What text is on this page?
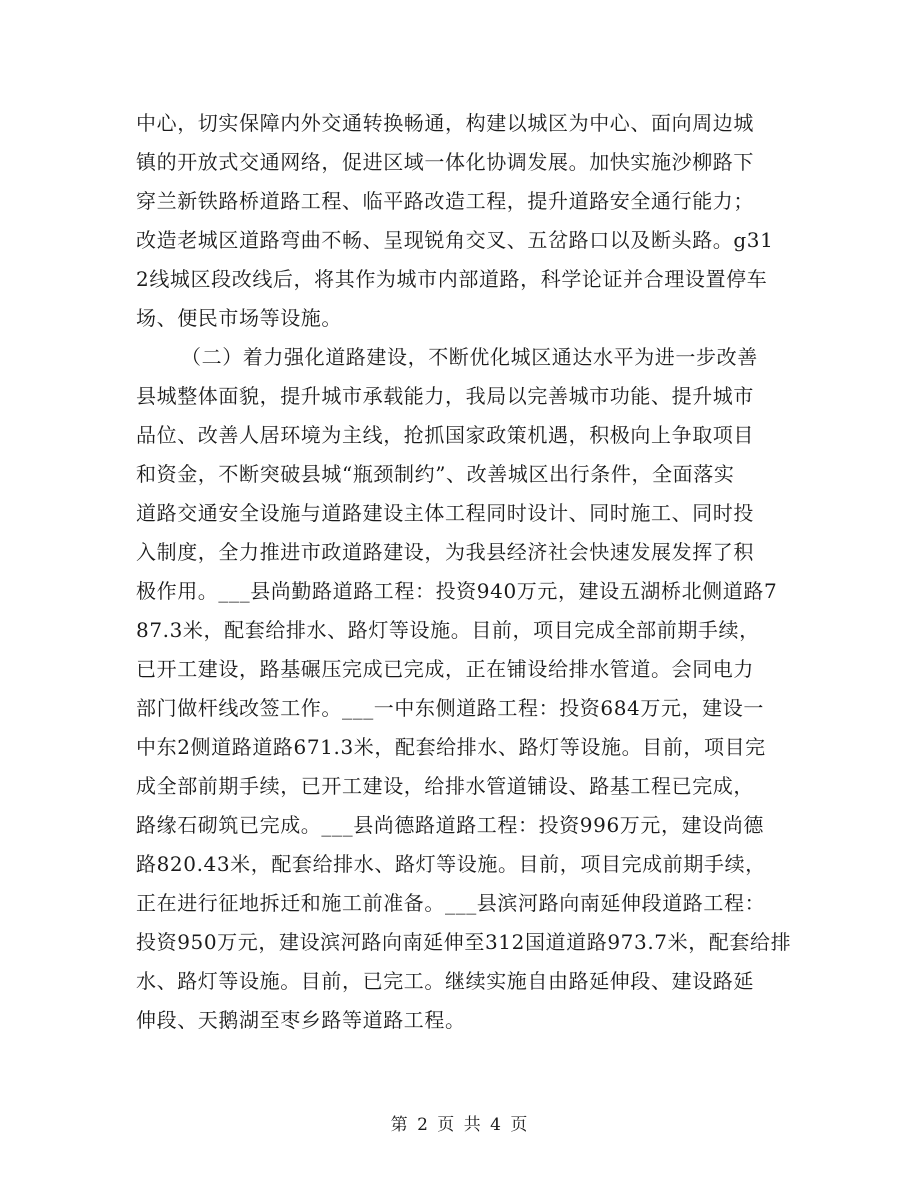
中心，切实保障内外交通转换畅通，构建以城区为中心、面向周边城
镇的开放式交通网络，促进区域一体化协调发展。加快实施沙柳路下
穿兰新铁路桥道路工程、临平路改造工程，提升道路安全通行能力；
改造老城区道路弯曲不畅、呈现锐角交叉、五岔路口以及断头路。g31
2线城区段改线后，将其作为城市内部道路，科学论证并合理设置停车
场、便民市场等设施。
（二）着力强化道路建设，不断优化城区通达水平为进一步改善
县城整体面貌，提升城市承载能力，我局以完善城市功能、提升城市
品位、改善人居环境为主线，抢抓国家政策机遇，积极向上争取项目
和资金，不断突破县城“瓶颈制约”、改善城区出行条件，全面落实
道路交通安全设施与道路建设主体工程同时设计、同时施工、同时投
入制度，全力推进市政道路建设，为我县经济社会快速发展发挥了积
极作用。___县尚勤路道路工程：投资940万元，建设五湖桥北侧道路7
87.3米，配套给排水、路灯等设施。目前，项目完成全部前期手续，
已开工建设，路基碾压完成已完成，正在铺设给排水管道。会同电力
部门做杆线改签工作。___一中东侧道路工程：投资684万元，建设一
中东2侧道路道路671.3米，配套给排水、路灯等设施。目前，项目完
成全部前期手续，已开工建设，给排水管道铺设、路基工程已完成，
路缘石砌筑已完成。___县尚德路道路工程：投资996万元，建设尚德
路820.43米，配套给排水、路灯等设施。目前，项目完成前期手续，
正在进行征地拆迁和施工前准备。___县滨河路向南延伸段道路工程：
投资950万元，建设滨河路向南延伸至312国道道路973.7米，配套给排
水、路灯等设施。目前，已完工。继续实施自由路延伸段、建设路延
伸段、天鹅湖至枣乡路等道路工程。
第 2 页 共 4 页
